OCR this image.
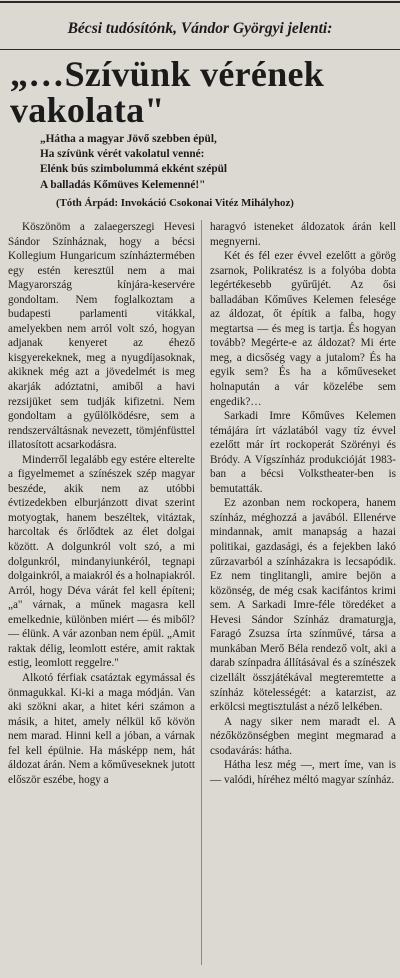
Bécsi tudósítónk, Vándor Györgyi jelenti:
„…Szívünk vérének vakolata"
„Hátha a magyar Jövő szebben épül,
Ha szívünk vérét vakolatul venné:
Elénk bús szimbolummá ekként szépül
A balladás Kőmüves Kelemenné!"
(Tóth Árpád: Invokáció Csokonai Vitéz Mihályhoz)

Köszönöm a zalaegerszegi Hevesi Sándor Színháznak, hogy a bécsi Kollegium Hungaricum színháztermében egy estén keresztül nem a mai Magyarország kínjára-keservére gondoltam. Nem foglalkoztam a budapesti parlamenti vitákkal, amelyekben nem arról volt szó, hogyan adjanak kenyeret az éhező kisgyerekeknek, meg a nyugdíjasoknak, akiknek még azt a jövedelmét is meg akarják adóztatni, amiből a havi rezsijüket sem tudják kifizetni. Nem gondoltam a gyűlölködésre, sem a rendszerváltásnak nevezett, tömjénfüsttel illatosított acsarkodásra.

Minderről legalább egy estére elterelte a figyelmemet a színészek szép magyar beszéde, akik nem az utóbbi évtizedekben elburjánzott divat szerint motyogtak, hanem beszéltek, vitáztak, harcoltak és őrlődtek az élet dolgai között. A dolgunkról volt szó, a mi dolgunkról, mindanyiunkéról, tegnapi dolgainkról, a maiakról és a holnapiakról. Arról, hogy Déva várát fel kell építeni; „a" várnak, a műnek magasra kell emelkednie, különben miért — és miből? — élünk. A vár azonban nem épül. „Amit raktak délig, leomlott estére, amit raktak estig, leomlott reggelre."

Alkotó férfiak csatáztak egymással és önmagukkal. Ki-ki a maga módján. Van aki szökni akar, a hitet kéri számon a másik, a hitet, amely nélkül kő kövön nem marad. Hinni kell a jóban, a várnak fel kell épülnie. Ha másképp nem, hát áldozat árán. Nem a kőműveseknek jutott először eszébe, hogy a

haragvó isteneket áldozatok árán kell megnyerni.

Két és fél ezer évvel ezelőtt a görög zsarnok, Polikratész is a folyóba dobta legértékesebb gyűrűjét. Az ősi balladában Kőműves Kelemen felesége az áldozat, őt építik a falba, hogy megtartsa — és meg is tartja. És hogyan tovább? Megérte-e az áldozat? Mi érte meg, a dicsőség vagy a jutalom? És ha egyik sem? És ha a kőműveseket holnapután a vár közelébe sem engedik?…

Sarkadi Imre Kőműves Kelemen témájára írt vázlatából vagy tíz évvel ezelőtt már írt rockoperát Szörényi és Bródy. A Vígszínház produkcióját 1983-ban a bécsi Volkstheater-ben is bemutatták.

Ez azonban nem rockopera, hanem színház, méghozzá a javából. Ellenérve mindannak, amit manapság a hazai politikai, gazdasági, és a fejekben lakó zűrzavarból a színházakra is lecsapódik. Ez nem tinglitangli, amire bejön a közönség, de még csak kacifántos krimi sem. A Sarkadi Imre-féle töredéket a Hevesi Sándor Színház dramaturgja, Faragó Zsuzsa írta színművé, társa a munkában Merő Béla rendező volt, aki a darab színpadra állításával és a színészek cizellált összjátékával megteremtette a színház kötelességét: a katarzist, az erkölcsi megtisztulást a néző lelkében.

A nagy siker nem maradt el. A nézőközönségben megint megmarad a csodavárás: hátha.

Hátha lesz még —, mert íme, van is — valódi, híréhez méltó magyar színház.
